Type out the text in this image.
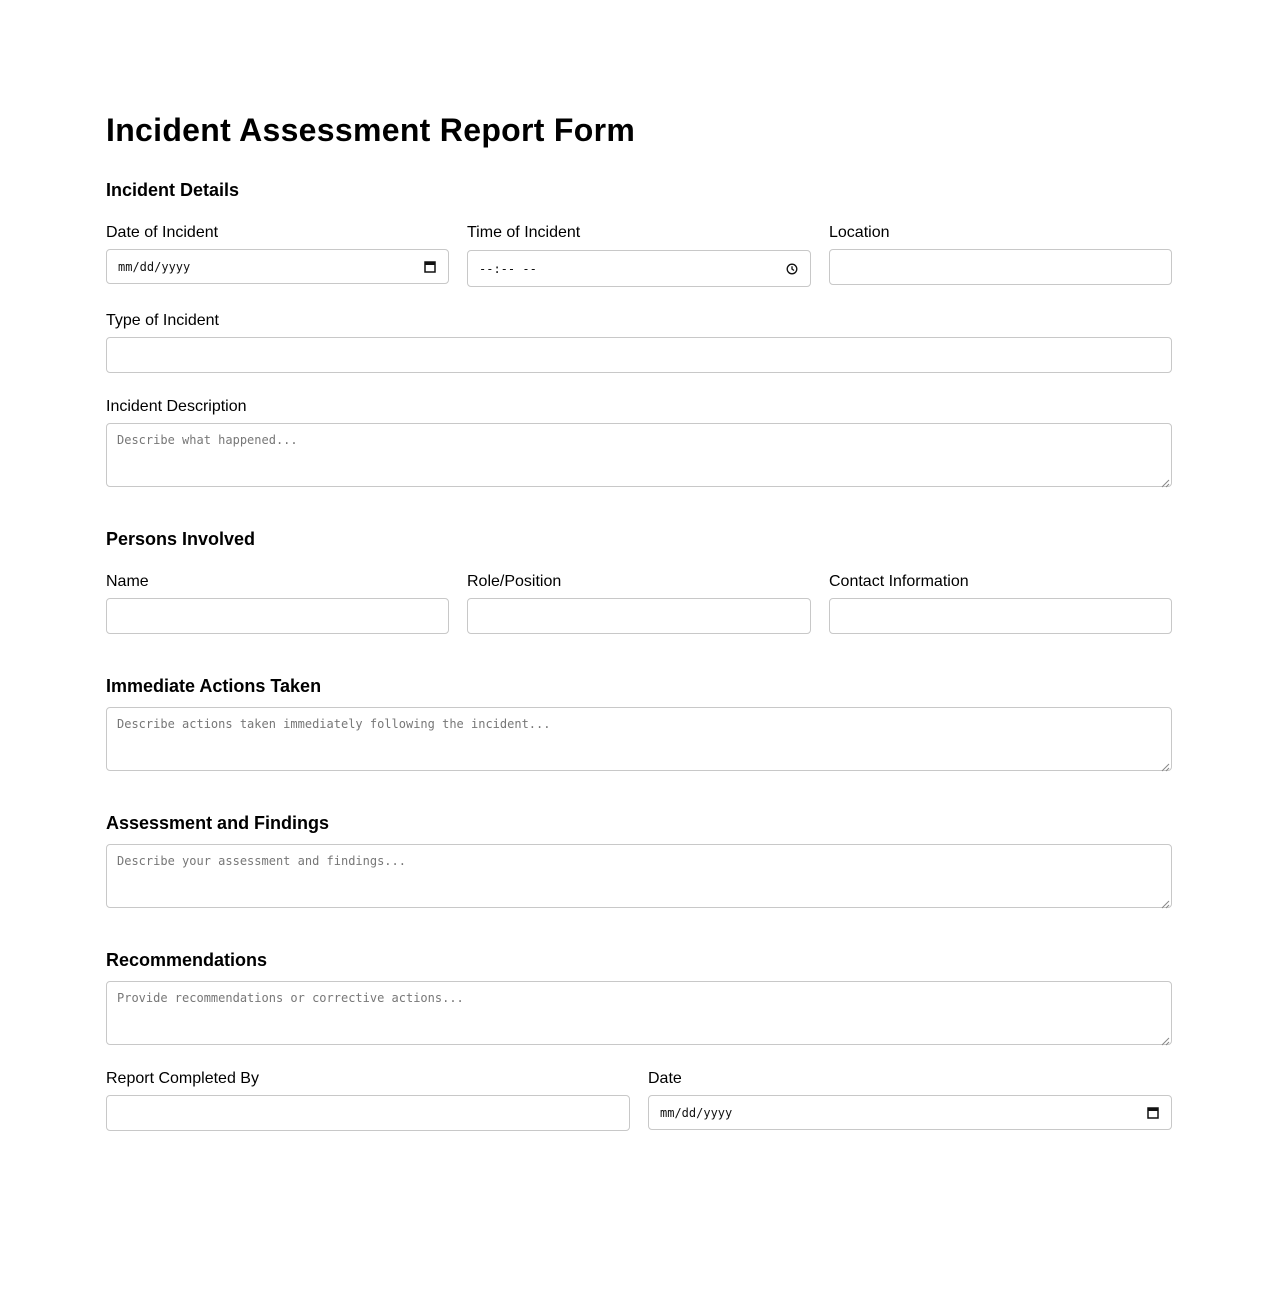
Incident Assessment Report Form
Incident Details
Date of Incident
mm/dd/yyyy
Time of Incident
--:-- --
Location
Type of Incident
Incident Description
Describe what happened...
Persons Involved
Name	Role/Position	Contact Information
Immediate Actions Taken
Describe actions taken immediately following the incident...
Assessment and Findings
Describe your assessment and findings...
Recommendations
Provide recommendations or corrective actions...
Report Completed By	Date
mm/dd/yyyy
